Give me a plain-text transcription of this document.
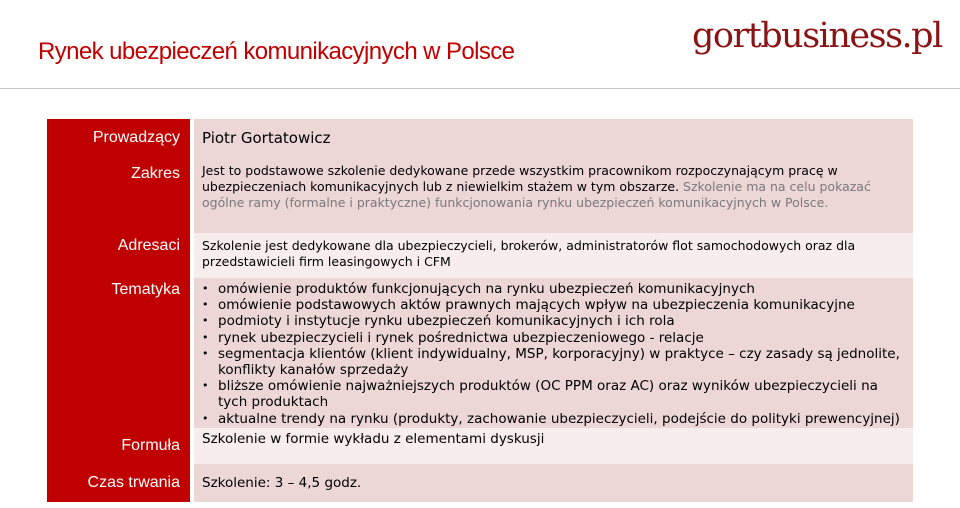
Rynek ubezpieczeń komunikacyjnych w Polsce	gortbusiness.pl
Prowadzący Piotr Gortatowicz
Zakres	Jest to podstawowe szkolenie dedykowane przede wszystkim pracownikom rozpoczynającym pracę w ubezpieczeniach komunikacyjnych lub z niewielkim stażem w tym obszarze. Szkolenie ma na celu pokazać ogólne ramy (formalne i praktyczne) funkcjonowania rynku ubezpieczeń komunikacyjnych w Polsce.
Adresaci	Szkolenie jest dedykowane dla ubezpieczycieli, brokerów, administratorów flot samochodowych oraz dla przedstawicieli firm leasingowych i CFM
Tematyka
•	omówienie produktów funkcjonujących na rynku ubezpieczeń komunikacyjnych
• omówienie podstawowych aktów prawnych mających wpływ na ubezpieczenia komunikacyjne
• podmioty i instytucje rynku ubezpieczeń komunikacyjnych i ich rola
• rynek ubezpieczycieli i rynek pośrednictwa ubezpieczeniowego - relacje
• segmentacja klientów (klient indywidualny, MSP, korporacyjny) w praktyce – czy zasady są jednolite, konflikty kanałów sprzedaży
• bliższe omówienie najważniejszych produktów (OC PPM oraz AC) oraz wyników ubezpieczycieli na tych produktach
• aktualne trendy na rynku (produkty, zachowanie ubezpieczycieli, podejście do polityki prewencyjnej)
Formuła	Szkolenie w formie wykładu z elementami dyskusji
Czas trwania Szkolenie: 3 – 4,5 godz.
